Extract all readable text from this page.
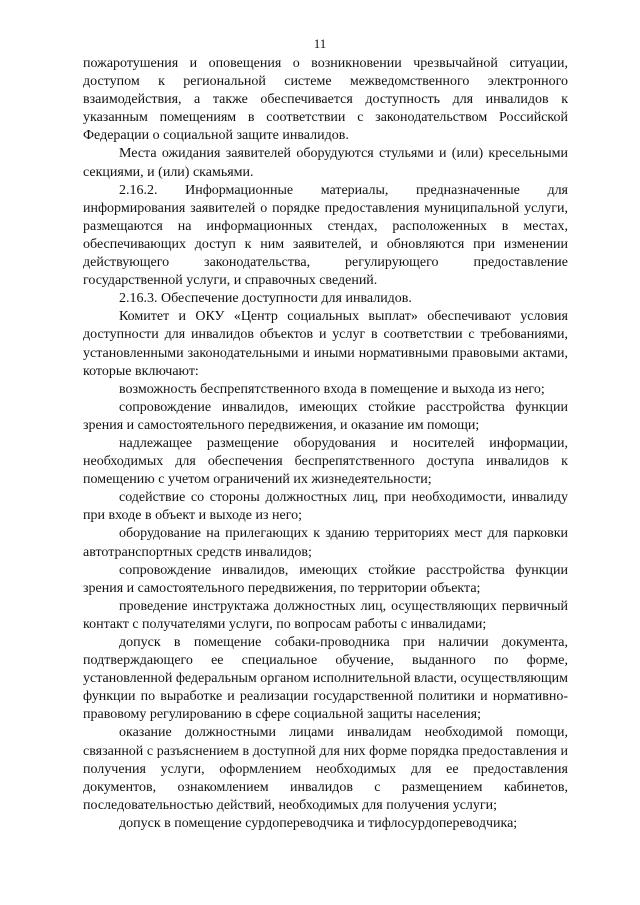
11

пожаротушения и оповещения о возникновении чрезвычайной ситуации, доступом к региональной системе межведомственного электронного взаимодействия, а также обеспечивается доступность для инвалидов к указанным помещениям в соответствии с законодательством Российской Федерации о социальной защите инвалидов.

Места ожидания заявителей оборудуются стульями и (или) кресельными секциями, и (или) скамьями.

2.16.2. Информационные материалы, предназначенные для информирования заявителей о порядке предоставления муниципальной услуги, размещаются на информационных стендах, расположенных в местах, обеспечивающих доступ к ним заявителей, и обновляются при изменении действующего законодательства, регулирующего предоставление государственной услуги, и справочных сведений.

2.16.3. Обеспечение доступности для инвалидов.

Комитет и ОКУ «Центр социальных выплат» обеспечивают условия доступности для инвалидов объектов и услуг в соответствии с требованиями, установленными законодательными и иными нормативными правовыми актами, которые включают:

возможность беспрепятственного входа в помещение и выхода из него;

сопровождение инвалидов, имеющих стойкие расстройства функции зрения и самостоятельного передвижения, и оказание им помощи;

надлежащее размещение оборудования и носителей информации, необходимых для обеспечения беспрепятственного доступа инвалидов к помещению с учетом ограничений их жизнедеятельности;

содействие со стороны должностных лиц, при необходимости, инвалиду при входе в объект и выходе из него;

оборудование на прилегающих к зданию территориях мест для парковки автотранспортных средств инвалидов;

сопровождение инвалидов, имеющих стойкие расстройства функции зрения и самостоятельного передвижения, по территории объекта;

проведение инструктажа должностных лиц, осуществляющих первичный контакт с получателями услуги, по вопросам работы с инвалидами;

допуск в помещение собаки-проводника при наличии документа, подтверждающего ее специальное обучение, выданного по форме, установленной федеральным органом исполнительной власти, осуществляющим функции по выработке и реализации государственной политики и нормативно-правовому регулированию в сфере социальной защиты населения;

оказание должностными лицами инвалидам необходимой помощи, связанной с разъяснением в доступной для них форме порядка предоставления и получения услуги, оформлением необходимых для ее предоставления документов, ознакомлением инвалидов с размещением кабинетов, последовательностью действий, необходимых для получения услуги;

допуск в помещение сурдопереводчика и тифлосурдопереводчика;
